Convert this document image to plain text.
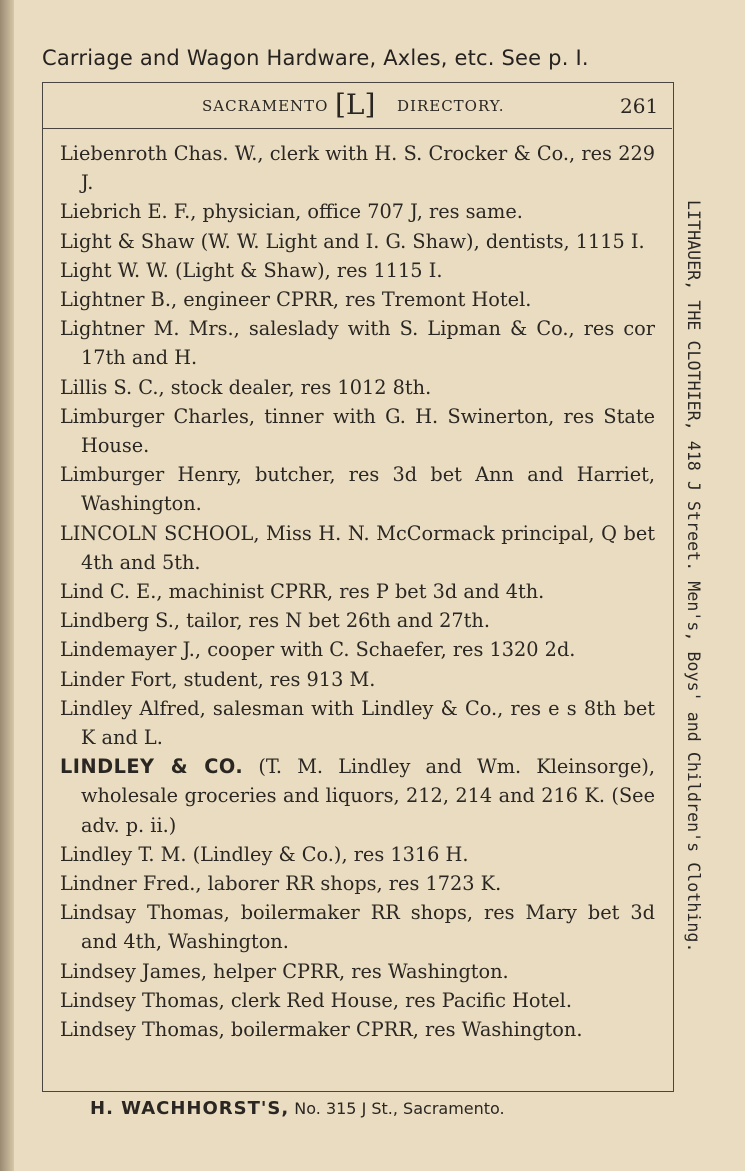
Carriage and Wagon Hardware, Axles, etc. See p. I.
SACRAMENTO [L] DIRECTORY.	261
Liebenroth Chas. W., clerk with H. S. Crocker & Co., res 229 J.
Liebrich E. F., physician, office 707 J, res same.
Light & Shaw (W. W. Light and I. G. Shaw), dentists, 1115 I.
Light W. W. (Light & Shaw), res 1115 I.
Lightner B., engineer CPRR, res Tremont Hotel.
Lightner M. Mrs., saleslady with S. Lipman & Co., res cor 17th and H.
Lillis S. C., stock dealer, res 1012 8th.
Limburger Charles, tinner with G. H. Swinerton, res State House.
Limburger Henry, butcher, res 3d bet Ann and Harriet, Washington.
LINCOLN SCHOOL, Miss H. N. McCormack principal, Q bet 4th and 5th.
Lind C. E., machinist CPRR, res P bet 3d and 4th.
Lindberg S., tailor, res N bet 26th and 27th.
Lindemayer J., cooper with C. Schaefer, res 1320 2d.
Linder Fort, student, res 913 M.
Lindley Alfred, salesman with Lindley & Co., res e s 8th bet K and L.
LINDLEY & CO. (T. M. Lindley and Wm. Kleinsorge), wholesale groceries and liquors, 212, 214 and 216 K. (See adv. p. ii.)
Lindley T. M. (Lindley & Co.), res 1316 H.
Lindner Fred., laborer RR shops, res 1723 K.
Lindsay Thomas, boilermaker RR shops, res Mary bet 3d and 4th, Washington.
Lindsey James, helper CPRR, res Washington.
Lindsey Thomas, clerk Red House, res Pacific Hotel.
Lindsey Thomas, boilermaker CPRR, res Washington.
LITHAUER, THE CLOTHIER, 418 J Street. Men's, Boys' and Children's Clothing.
H. WACHHORST'S, No. 315 J St., Sacramento.
